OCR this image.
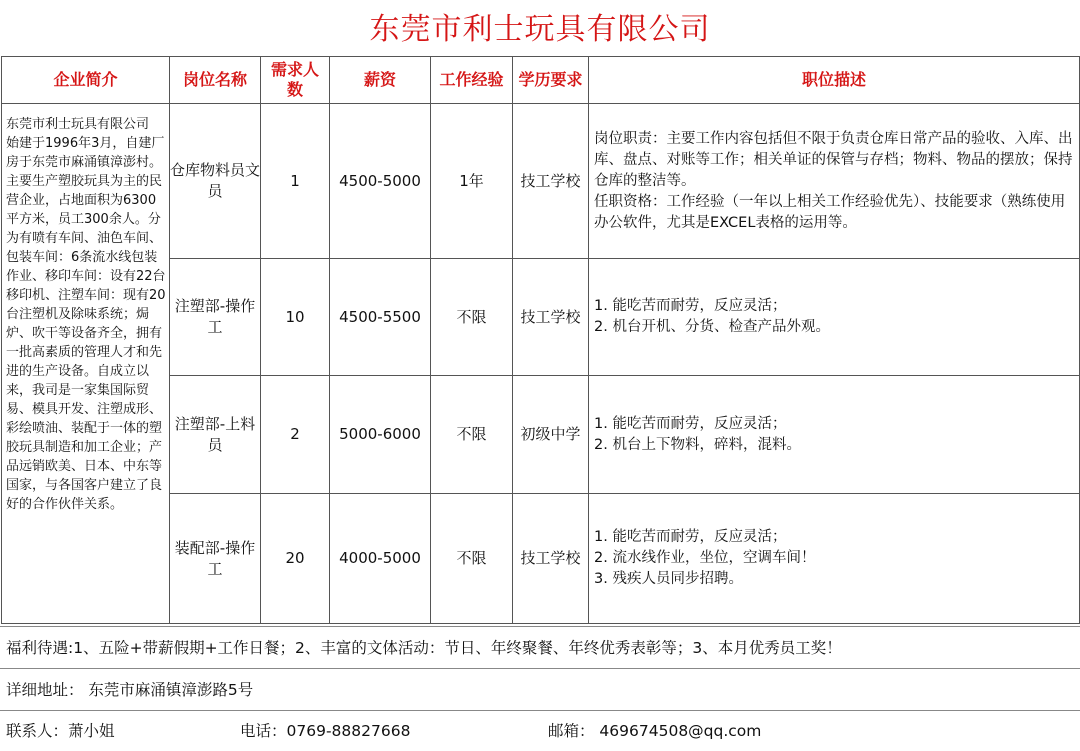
东莞市利士玩具有限公司
企业简介	岗位名称	需求人数	薪资	工作经验	学历要求	职位描述
东莞市利士玩具有限公司 始建于1996年3月，自建厂房于东莞市麻涌镇漳澎村。主要生产塑胶玩具为主的民营企业，占地面积为6300平方米，员工300余人。分为有喷有车间、油色车间、包装车间：6条流水线包装作业、移印车间：设有22台移印机、注塑车间：现有20台注塑机及除味系统；焗炉、吹干等设备齐全，拥有一批高素质的管理人才和先进的生产设备。自成立以来，我司是一家集国际贸易、模具开发、注塑成形、彩绘喷油、装配于一体的塑胶玩具制造和加工企业；产品远销欧美、日本、中东等国家，与各国客户建立了良好的合作伙伴关系。	仓库物料员文员	1	4500-5000	1年	技工学校	岗位职责：主要工作内容包括但不限于负责仓库日常产品的验收、入库、出库、盘点、对账等工作；相关单证的保管与存档；物料、物品的摆放；保持仓库的整洁等。
任职资格：工作经验（一年以上相关工作经验优先）、技能要求（熟练使用办公软件，尤其是EXCEL表格的运用等。

	注塑部-操作工	10	4500-5500	不限	技工学校	1. 能吃苦而耐劳，反应灵活；
2. 机台开机、分货、检查产品外观。

	注塑部-上料员	2	5000-6000	不限	初级中学	1. 能吃苦而耐劳，反应灵活；
2. 机台上下物料，碎料，混料。

	装配部-操作工	20	4000-5000	不限	技工学校	1. 能吃苦而耐劳，反应灵活；
2. 流水线作业，坐位，空调车间！
3. 残疾人员同步招聘。
福利待遇:1、五险+带薪假期+工作日餐；2、丰富的文体活动：节日、年终聚餐、年终优秀表彰等；3、本月优秀员工奖！
详细地址： 东莞市麻涌镇漳澎路5号
联系人：萧小姐	电话：0769-88827668	邮箱： 469674508@qq.com
